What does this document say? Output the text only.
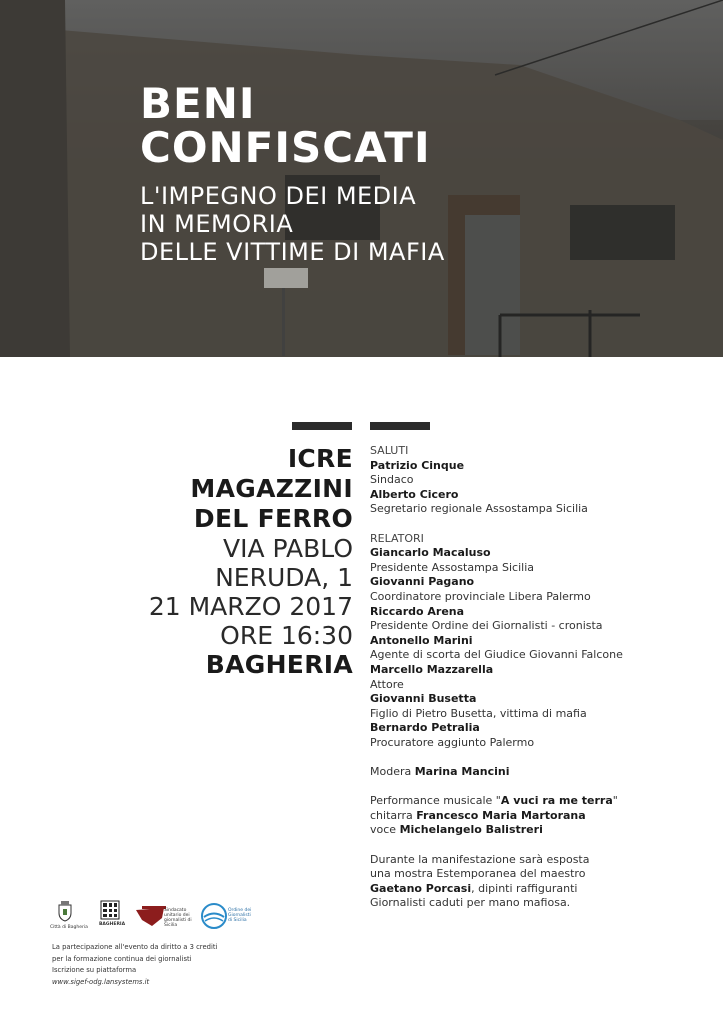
BENI
CONFISCATI
L'IMPEGNO DEI MEDIA
IN MEMORIA
DELLE VITTIME DI MAFIA
ICRE
MAGAZZINI
DEL FERRO
VIA PABLO
NERUDA, 1
21 MARZO 2017
ORE 16:30
BAGHERIA
SALUTI
Patrizio Cinque
Sindaco
Alberto Cicero
Segretario regionale Assostampa Sicilia
RELATORI
Giancarlo Macaluso
Presidente Assostampa Sicilia
Giovanni Pagano
Coordinatore provinciale Libera Palermo
Riccardo Arena
Presidente Ordine dei Giornalisti - cronista
Antonello Marini
Agente di scorta del Giudice Giovanni Falcone
Marcello Mazzarella
Attore
Giovanni Busetta
Figlio di Pietro Busetta, vittima di mafia
Bernardo Petralia
Procuratore aggiunto Palermo
Modera Marina Mancini
Performance musicale "A vuci ra me terra"
chitarra Francesco Maria Martorana
voce Michelangelo Balistreri
Durante la manifestazione sarà esposta
una mostra Estemporanea del maestro
Gaetano Porcasi, dipinti raffiguranti
Giornalisti caduti per mano mafiosa.
Città di Bagheria
BAGHERIA
Sindacato unitario dei giornalisti di Sicilia
Ordine dei Giornalisti di Sicilia
La partecipazione all'evento da diritto a 3 crediti
per la formazione continua dei giornalisti
Iscrizione su piattaforma
www.sigef-odg.lansystems.it
